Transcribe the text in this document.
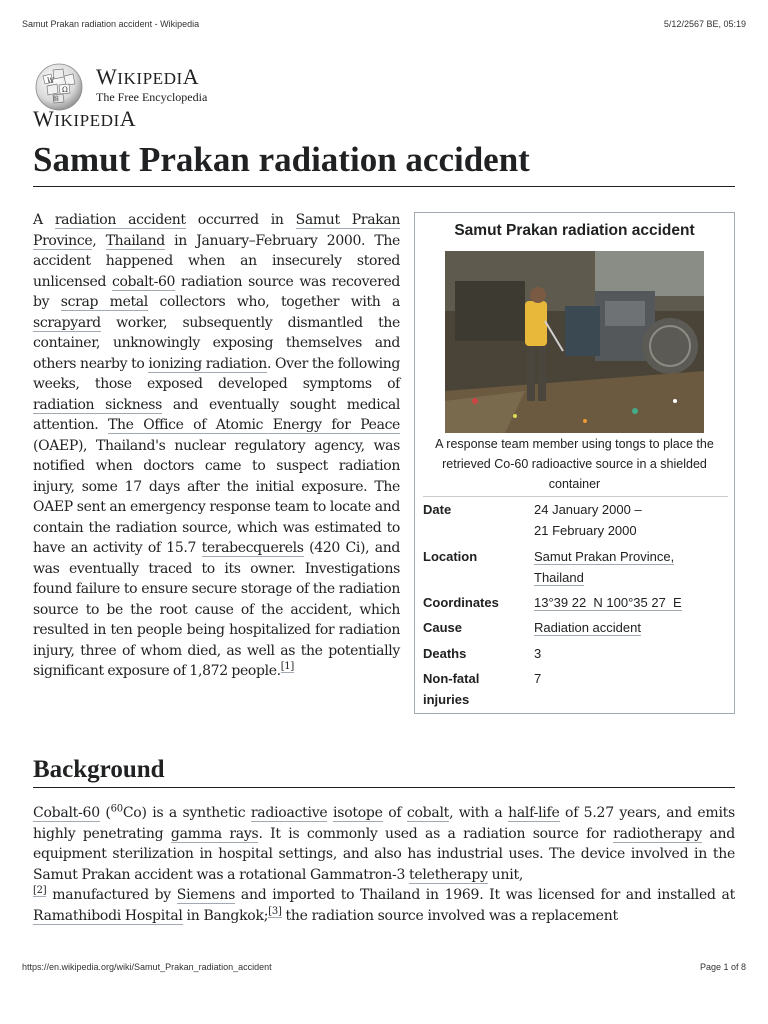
Samut Prakan radiation accident - Wikipedia	5/12/2567 BE, 05:19
W
Ω
維
WIKIPEDIA
The Free Encyclopedia
WIKIPEDIA
Samut Prakan radiation accident

A radiation accident occurred in Samut Prakan Province, Thailand in January–February 2000. The accident happened when an insecurely stored unlicensed cobalt-60 radiation source was recovered by scrap metal collectors who, together with a scrapyard worker, subsequently dismantled the container, unknowingly exposing themselves and others nearby to ionizing radiation. Over the following weeks, those exposed developed symptoms of radiation sickness and eventually sought medical attention. The Office of Atomic Energy for Peace (OAEP), Thailand's nuclear regulatory agency, was notified when doctors came to suspect radiation injury, some 17 days after the initial exposure. The OAEP sent an emergency response team to locate and contain the radiation source, which was estimated to have an activity of 15.7 terabecquerels (420 Ci), and was eventually traced to its owner. Investigations found failure to ensure secure storage of the radiation source to be the root cause of the accident, which resulted in ten people being hospitalized for radiation injury, three of whom died, as well as the potentially significant exposure of 1,872 people.[1]

Samut Prakan radiation accident
A response team member using tongs to place the retrieved Co-60 radioactive source in a shielded container
Date	24 January 2000 –
21 February 2000
Location	Samut Prakan Province,
Thailand
Coordinates	13°39 22  N 100°35 27  E
Cause	Radiation accident
Deaths	3
Non-fatal injuries
7
Background

Cobalt-60 ($^{60}$Co) is a synthetic radioactive isotope of cobalt, with a half-life of 5.27 years, and emits highly penetrating gamma rays. It is commonly used as a radiation source for radiotherapy and equipment sterilization in hospital settings, and also has industrial uses. The device involved in the Samut Prakan accident was a rotational Gammatron-3 teletherapy unit,
[2] manufactured by Siemens and imported to Thailand in 1969. It was licensed for and installed at Ramathibodi Hospital in Bangkok;[3] the radiation source involved was a replacement

https://en.wikipedia.org/wiki/Samut_Prakan_radiation_accident	Page 1 of 8
